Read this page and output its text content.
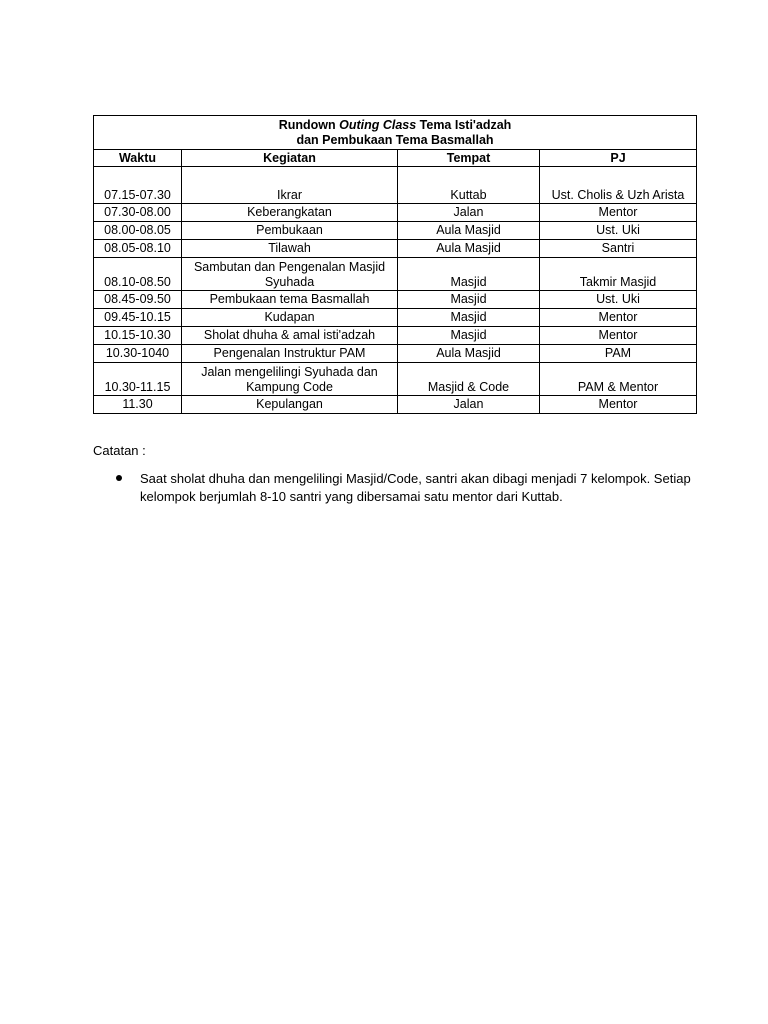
Rundown Outing Class Tema Isti'adzah
dan Pembukaan Tema Basmallah			
Waktu	Kegiatan	Tempat	PJ
07.15-07.30	Ikrar	Kuttab	Ust. Cholis & Uzh Arista
07.30-08.00	Keberangkatan	Jalan	Mentor
08.00-08.05	Pembukaan	Aula Masjid	Ust. Uki
08.05-08.10	Tilawah	Aula Masjid	Santri
08.10-08.50	Sambutan dan Pengenalan Masjid Syuhada	Masjid	Takmir Masjid
08.45-09.50	Pembukaan tema Basmallah	Masjid	Ust. Uki
09.45-10.15	Kudapan	Masjid	Mentor
10.15-10.30	Sholat dhuha & amal isti'adzah	Masjid	Mentor
10.30-1040	Pengenalan Instruktur PAM	Aula Masjid	PAM
10.30-11.15	Jalan mengelilingi Syuhada dan Kampung Code	Masjid & Code	PAM & Mentor
11.30	Kepulangan	Jalan	Mentor
Catatan :
Saat sholat dhuha dan mengelilingi Masjid/Code, santri akan dibagi menjadi 7 kelompok. Setiap kelompok berjumlah 8-10 santri yang dibersamai satu mentor dari Kuttab.
